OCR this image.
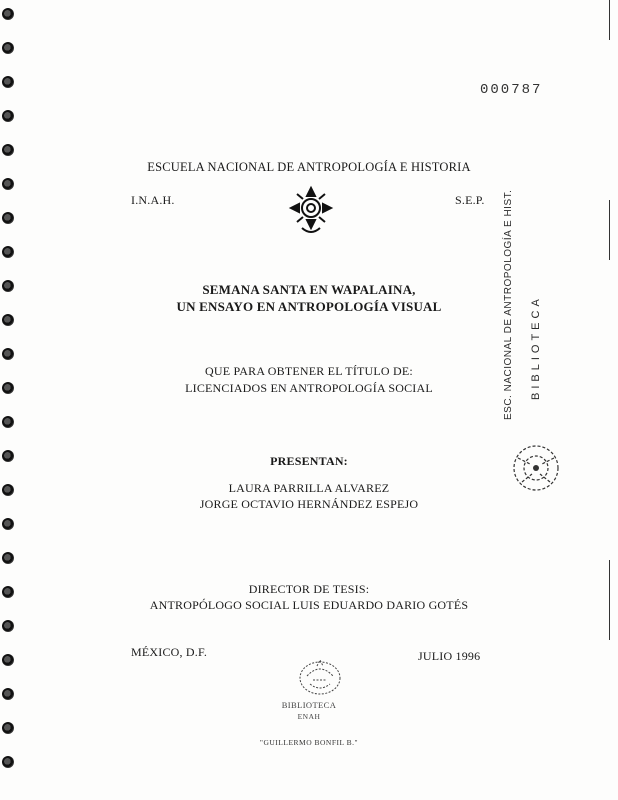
000787
ESCUELA NACIONAL DE ANTROPOLOGÍA E HISTORIA
I.N.A.H.	S.E.P.
SEMANA SANTA EN WAPALAINA,
UN ENSAYO EN ANTROPOLOGÍA VISUAL
QUE PARA OBTENER EL TÍTULO DE:
LICENCIADOS EN ANTROPOLOGÍA SOCIAL
PRESENTAN:
LAURA PARRILLA ALVAREZ
JORGE OCTAVIO HERNÁNDEZ ESPEJO
DIRECTOR DE TESIS:
ANTROPÓLOGO SOCIAL LUIS EDUARDO DARIO GOTÉS
MÉXICO, D.F.	JULIO 1996
BIBLIOTECA
ENAH
"GUILLERMO BONFIL B."
ESC. NACIONAL DE ANTROPOLOGÍA E HIST. BIBLIOTECA
